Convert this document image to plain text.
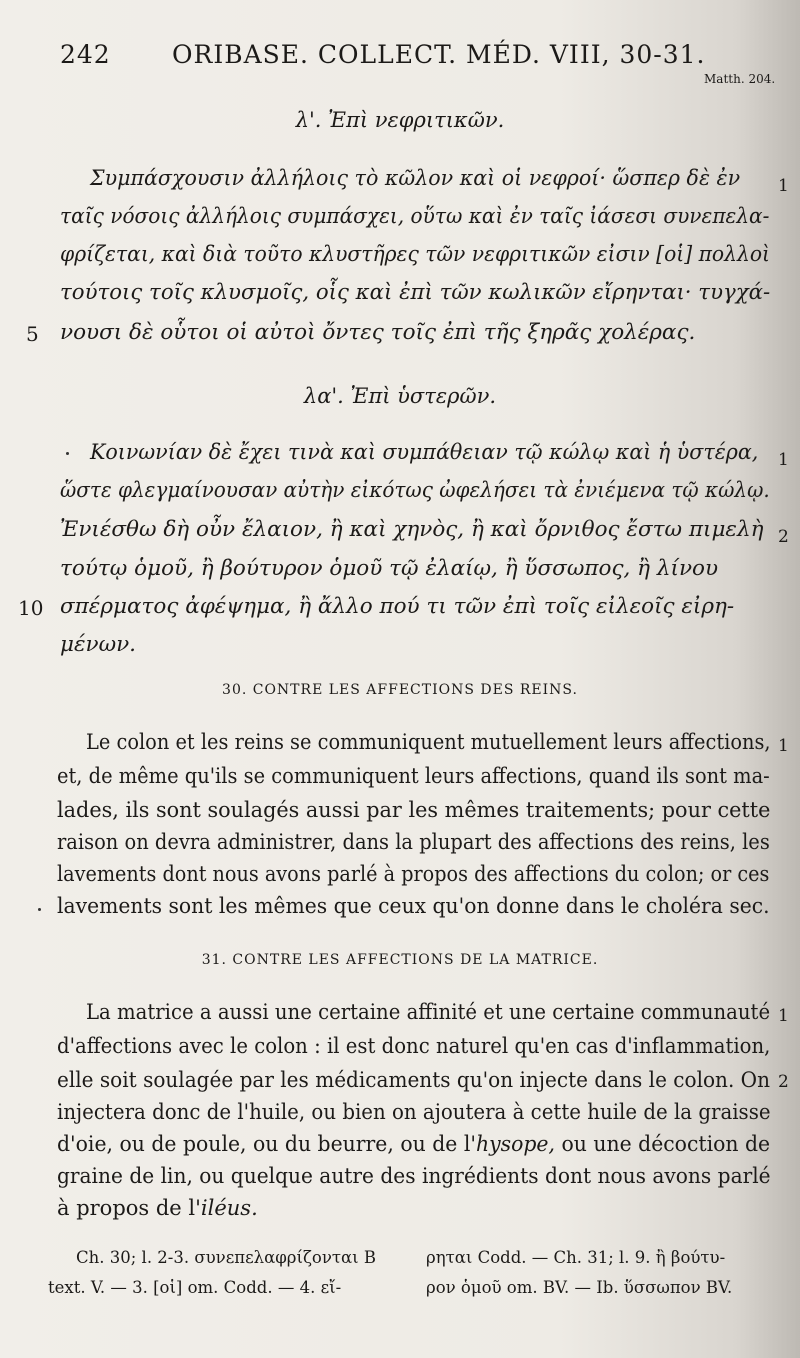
242 ORIBASE. COLLECT. MÉD. VIII, 30-31.
Matth. 204.
λ'. Ἐπὶ νεφριτικῶν.
Συμπάσχουσιν ἀλλήλοις τὸ κῶλον καὶ οἱ νεφροί· ὥσπερ δὲ ἐν
ταῖς νόσοις ἀλλήλοις συμπάσχει, οὕτω καὶ ἐν ταῖς ἰάσεσι συνεπελα-
φρίζεται, καὶ διὰ τοῦτο κλυστῆρες τῶν νεφριτικῶν εἰσιν [οἱ] πολλοὶ
τούτοις τοῖς κλυσμοῖς, οἷς καὶ ἐπὶ τῶν κωλικῶν εἴρηνται· τυγχά-
νουσι δὲ οὗτοι οἱ αὐτοὶ ὄντες τοῖς ἐπὶ τῆς ξηρᾶς χολέρας.
5
1
λα'. Ἐπὶ ὑστερῶν.
Κοινωνίαν δὲ ἔχει τινὰ καὶ συμπάθειαν τῷ κώλῳ καὶ ἡ ὑστέρα,
ὥστε φλεγμαίνουσαν αὐτὴν εἰκότως ὠφελήσει τὰ ἐνιέμενα τῷ κώλῳ.
Ἐνιέσθω δὴ οὖν ἔλαιον, ἢ καὶ χηνὸς, ἢ καὶ ὄρνιθος ἔστω πιμελὴ
τούτῳ ὁμοῦ, ἢ βούτυρον ὁμοῦ τῷ ἐλαίῳ, ἢ ὕσσωπος, ἢ λίνου
σπέρματος ἀφέψημα, ἢ ἄλλο πού τι τῶν ἐπὶ τοῖς εἰλεοῖς εἰρη-
μένων.
10
1
2
30. CONTRE LES AFFECTIONS DES REINS.
Le colon et les reins se communiquent mutuellement leurs affections,
et, de même qu'ils se communiquent leurs affections, quand ils sont ma-
lades, ils sont soulagés aussi par les mêmes traitements; pour cette
raison on devra administrer, dans la plupart des affections des reins, les
lavements dont nous avons parlé à propos des affections du colon; or ces
lavements sont les mêmes que ceux qu'on donne dans le choléra sec.
1
31. CONTRE LES AFFECTIONS DE LA MATRICE.
La matrice a aussi une certaine affinité et une certaine communauté
d'affections avec le colon : il est donc naturel qu'en cas d'inflammation,
elle soit soulagée par les médicaments qu'on injecte dans le colon. On
injectera donc de l'huile, ou bien on ajoutera à cette huile de la graisse
d'oie, ou de poule, ou du beurre, ou de l'hysope, ou une décoction de
graine de lin, ou quelque autre des ingrédients dont nous avons parlé
à propos de l'iléus.
1
2
Ch. 30; l. 2-3. συνεπελαφρίζονται B
text. V. — 3. [οἱ] om. Codd. — 4. εἴ-
ρηται Codd. — Ch. 31; l. 9. ἢ βούτυ-
ρον ὁμοῦ om. BV. — Ib. ὕσσωπον BV.
